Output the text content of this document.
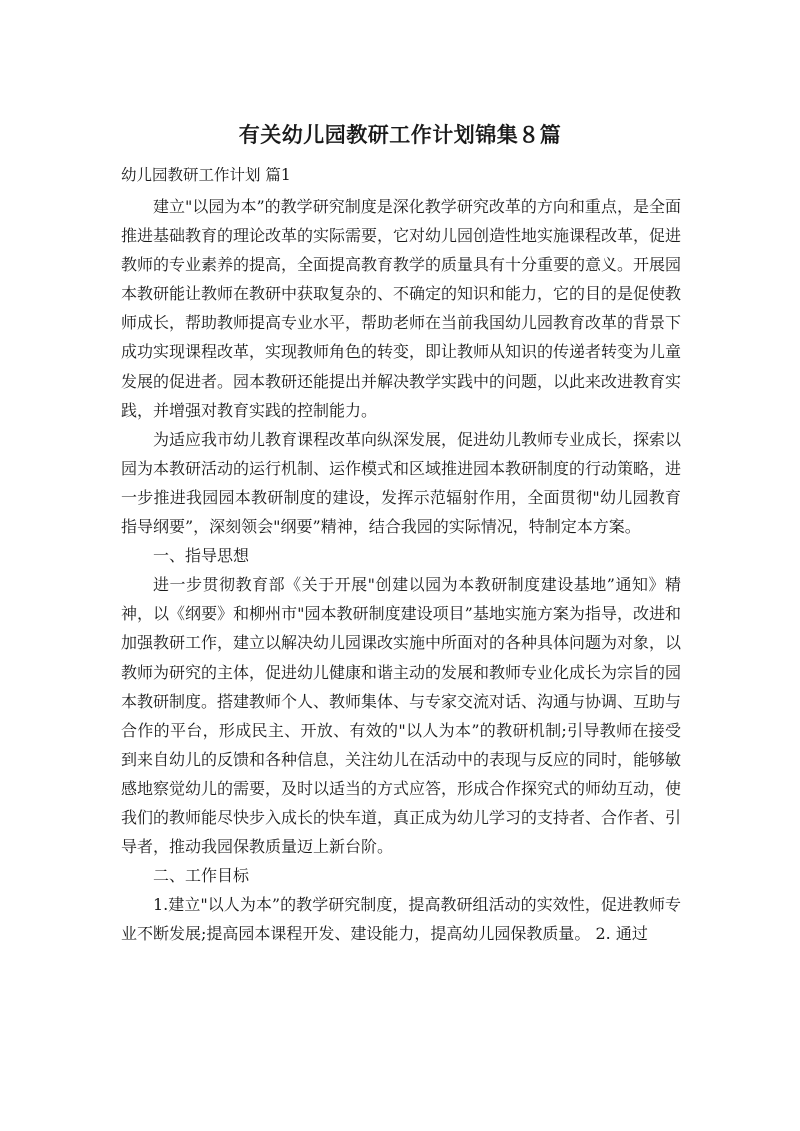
有关幼儿园教研工作计划锦集８篇
幼儿园教研工作计划 篇1

建立"以园为本”的教学研究制度是深化教学研究改革的方向和重点，是全面推进基础教育的理论改革的实际需要，它对幼儿园创造性地实施课程改革，促进教师的专业素养的提高，全面提高教育教学的质量具有十分重要的意义。开展园本教研能让教师在教研中获取复杂的、不确定的知识和能力，它的目的是促使教师成长，帮助教师提高专业水平，帮助老师在当前我国幼儿园教育改革的背景下成功实现课程改革，实现教师角色的转变，即让教师从知识的传递者转变为儿童发展的促进者。园本教研还能提出并解决教学实践中的问题，以此来改进教育实践，并增强对教育实践的控制能力。

为适应我市幼儿教育课程改革向纵深发展，促进幼儿教师专业成长，探索以园为本教研活动的运行机制、运作模式和区域推进园本教研制度的行动策略，进一步推进我园园本教研制度的建设，发挥示范辐射作用，全面贯彻"幼儿园教育指导纲要”，深刻领会"纲要”精神，结合我园的实际情况，特制定本方案。

一、指导思想

进一步贯彻教育部《关于开展"创建以园为本教研制度建设基地”通知》精神，以《纲要》和柳州市"园本教研制度建设项目”基地实施方案为指导，改进和加强教研工作，建立以解决幼儿园课改实施中所面对的各种具体问题为对象，以教师为研究的主体，促进幼儿健康和谐主动的发展和教师专业化成长为宗旨的园本教研制度。搭建教师个人、教师集体、与专家交流对话、沟通与协调、互助与合作的平台，形成民主、开放、有效的"以人为本”的教研机制;引导教师在接受到来自幼儿的反馈和各种信息，关注幼儿在活动中的表现与反应的同时，能够敏感地察觉幼儿的需要，及时以适当的方式应答，形成合作探究式的师幼互动，使我们的教师能尽快步入成长的快车道，真正成为幼儿学习的支持者、合作者、引导者，推动我园保教质量迈上新台阶。

二、工作目标

1.建立"以人为本”的教学研究制度，提高教研组活动的实效性，促进教师专业不断发展;提高园本课程开发、建设能力，提高幼儿园保教质量。 2. 通过
